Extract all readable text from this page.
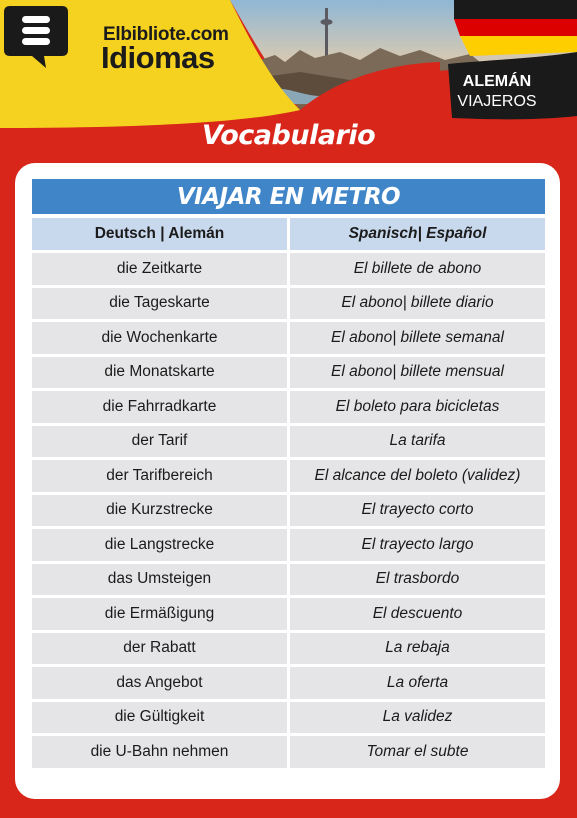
Elbibliote.com
Idiomas
ALEMÁN
VIAJEROS
Vocabulario
VIAJAR EN METRO
Deutsch | Alemán	Spanisch| Español
die Zeitkarte	El billete de abono
die Tageskarte	El abono| billete diario
die Wochenkarte	El abono| billete semanal
die Monatskarte	El abono| billete mensual
die Fahrradkarte	El boleto para bicicletas
der Tarif	La tarifa
der Tarifbereich	El alcance del boleto (validez)
die Kurzstrecke	El trayecto corto
die Langstrecke	El trayecto largo
das Umsteigen	El trasbordo
die Ermäßigung	El descuento
der Rabatt	La rebaja
das Angebot	La oferta
die Gültigkeit	La validez
die U-Bahn nehmen	Tomar el subte
